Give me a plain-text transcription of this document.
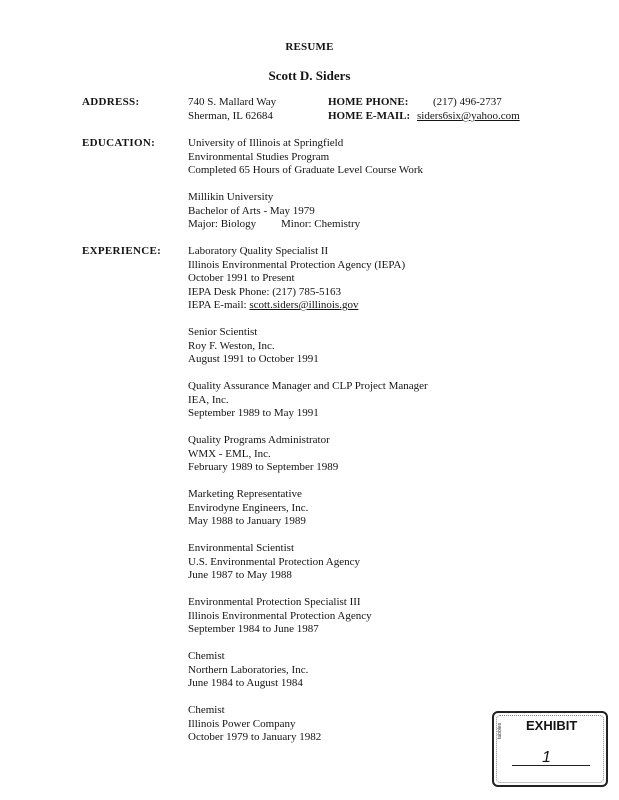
RESUME
Scott D. Siders
ADDRESS:	740 S. Mallard Way
Sherman, IL 62684
HOME PHONE: (217) 496-2737
HOME E-MAIL: siders6six@yahoo.com
EDUCATION:	University of Illinois at Springfield
Environmental Studies Program
Completed 65 Hours of Graduate Level Course Work
Millikin University
Bachelor of Arts - May 1979
Major: Biology Minor: Chemistry
EXPERIENCE: Laboratory Quality Specialist II
Illinois Environmental Protection Agency (IEPA)
October 1991 to Present
IEPA Desk Phone: (217) 785-5163
IEPA E-mail: scott.siders@illinois.gov
Senior Scientist
Roy F. Weston, Inc.
August 1991 to October 1991
Quality Assurance Manager and CLP Project Manager
IEA, Inc.
September 1989 to May 1991
Quality Programs Administrator
WMX - EML, Inc.
February 1989 to September 1989
Marketing Representative
Envirodyne Engineers, Inc.
May 1988 to January 1989
Environmental Scientist
U.S. Environmental Protection Agency
June 1987 to May 1988
Environmental Protection Specialist III
Illinois Environmental Protection Agency
September 1984 to June 1987
Chemist
Northern Laboratories, Inc.
June 1984 to August 1984
Chemist
Illinois Power Company
October 1979 to January 1982
EXHIBIT
tabbles
1
